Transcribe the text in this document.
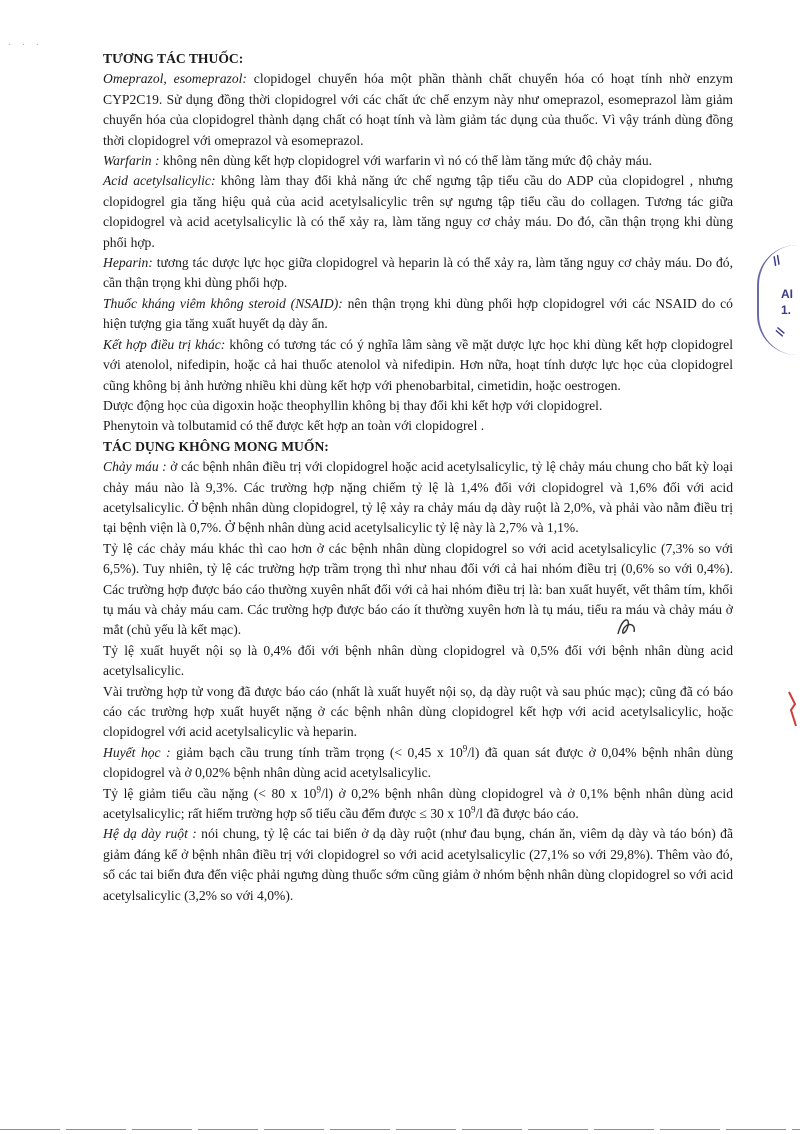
· · ·

TƯƠNG TÁC THUỐC:

Omeprazol, esomeprazol: clopidogel chuyển hóa một phần thành chất chuyển hóa có hoạt tính nhờ enzym CYP2C19. Sử dụng đồng thời clopidogrel với các chất ức chế enzym này như omeprazol, esomeprazol làm giảm chuyển hóa của clopidogrel thành dạng chất có hoạt tính và làm giảm tác dụng của thuốc. Vì vậy tránh dùng đồng thời clopidogrel với omeprazol và esomeprazol.

Warfarin : không nên dùng kết hợp clopidogrel với warfarin vì nó có thể làm tăng mức độ chảy máu.

Acid acetylsalicylic: không làm thay đổi khả năng ức chế ngưng tập tiểu cầu do ADP của clopidogrel , nhưng clopidogrel gia tăng hiệu quả của acid acetylsalicylic trên sự ngưng tập tiểu cầu do collagen. Tương tác giữa clopidogrel và acid acetylsalicylic là có thể xảy ra, làm tăng nguy cơ chảy máu. Do đó, cần thận trọng khi dùng phối hợp.

Heparin: tương tác dược lực học giữa clopidogrel và heparin là có thể xảy ra, làm tăng nguy cơ chảy máu. Do đó, cần thận trọng khi dùng phối hợp.

Thuốc kháng viêm không steroid (NSAID): nên thận trọng khi dùng phối hợp clopidogrel với các NSAID do có hiện tượng gia tăng xuất huyết dạ dày ẩn.

Kết hợp điều trị khác: không có tương tác có ý nghĩa lâm sàng về mặt dược lực học khi dùng kết hợp clopidogrel với atenolol, nifedipin, hoặc cả hai thuốc atenolol và nifedipin. Hơn nữa, hoạt tính dược lực học của clopidogrel cũng không bị ảnh hưởng nhiều khi dùng kết hợp với phenobarbital, cimetidin, hoặc oestrogen.

Dược động học của digoxin hoặc theophyllin không bị thay đổi khi kết hợp với clopidogrel.

Phenytoin và tolbutamid có thể được kết hợp an toàn với clopidogrel .

TÁC DỤNG KHÔNG MONG MUỐN:

Chảy máu : ở các bệnh nhân điều trị với clopidogrel hoặc acid acetylsalicylic, tỷ lệ chảy máu chung cho bất kỳ loại chảy máu nào là 9,3%. Các trường hợp nặng chiếm tỷ lệ là 1,4% đối với clopidogrel và 1,6% đối với acid acetylsalicylic. Ở bệnh nhân dùng clopidogrel, tỷ lệ xảy ra chảy máu dạ dày ruột là 2,0%, và phải vào nằm điều trị tại bệnh viện là 0,7%. Ở bệnh nhân dùng acid acetylsalicylic tỷ lệ này là 2,7% và 1,1%.

Tỷ lệ các chảy máu khác thì cao hơn ở các bệnh nhân dùng clopidogrel so với acid acetylsalicylic (7,3% so với 6,5%). Tuy nhiên, tỷ lệ các trường hợp trầm trọng thì như nhau đối với cả hai nhóm điều trị (0,6% so với 0,4%). Các trường hợp được báo cáo thường xuyên nhất đối với cả hai nhóm điều trị là: ban xuất huyết, vết thâm tím, khối tụ máu và chảy máu cam. Các trường hợp được báo cáo ít thường xuyên hơn là tụ máu, tiểu ra máu và chảy máu ở mắt (chủ yếu là kết mạc).

Tỷ lệ xuất huyết nội sọ là 0,4% đối với bệnh nhân dùng clopidogrel và 0,5% đối với bệnh nhân dùng acid acetylsalicylic.

Vài trường hợp tử vong đã được báo cáo (nhất là xuất huyết nội sọ, dạ dày ruột và sau phúc mạc); cũng đã có báo cáo các trường hợp xuất huyết nặng ở các bệnh nhân dùng clopidogrel kết hợp với acid acetylsalicylic, hoặc clopidogrel với acid acetylsalicylic và heparin.

Huyết học : giảm bạch cầu trung tính trầm trọng (< 0,45 x $10^9/l$) đã quan sát được ở 0,04% bệnh nhân dùng clopidogrel và ở 0,02% bệnh nhân dùng acid acetylsalicylic.

Tỷ lệ giảm tiểu cầu nặng (< 80 x $10^9/l$) ở 0,2% bệnh nhân dùng clopidogrel và ở 0,1% bệnh nhân dùng acid acetylsalicylic; rất hiếm trường hợp số tiểu cầu đếm được ≤ 30 x $10^9/l$ đã được báo cáo.

Hệ dạ dày ruột : nói chung, tỷ lệ các tai biến ở dạ dày ruột (như đau bụng, chán ăn, viêm dạ dày và táo bón) đã giảm đáng kể ở bệnh nhân điều trị với clopidogrel so với acid acetylsalicylic (27,1% so với 29,8%). Thêm vào đó, số các tai biến đưa đến việc phải ngưng dùng thuốc sớm cũng giảm ở nhóm bệnh nhân dùng clopidogrel so với acid acetylsalicylic (3,2% so với 4,0%).

//
AI
1.
//
